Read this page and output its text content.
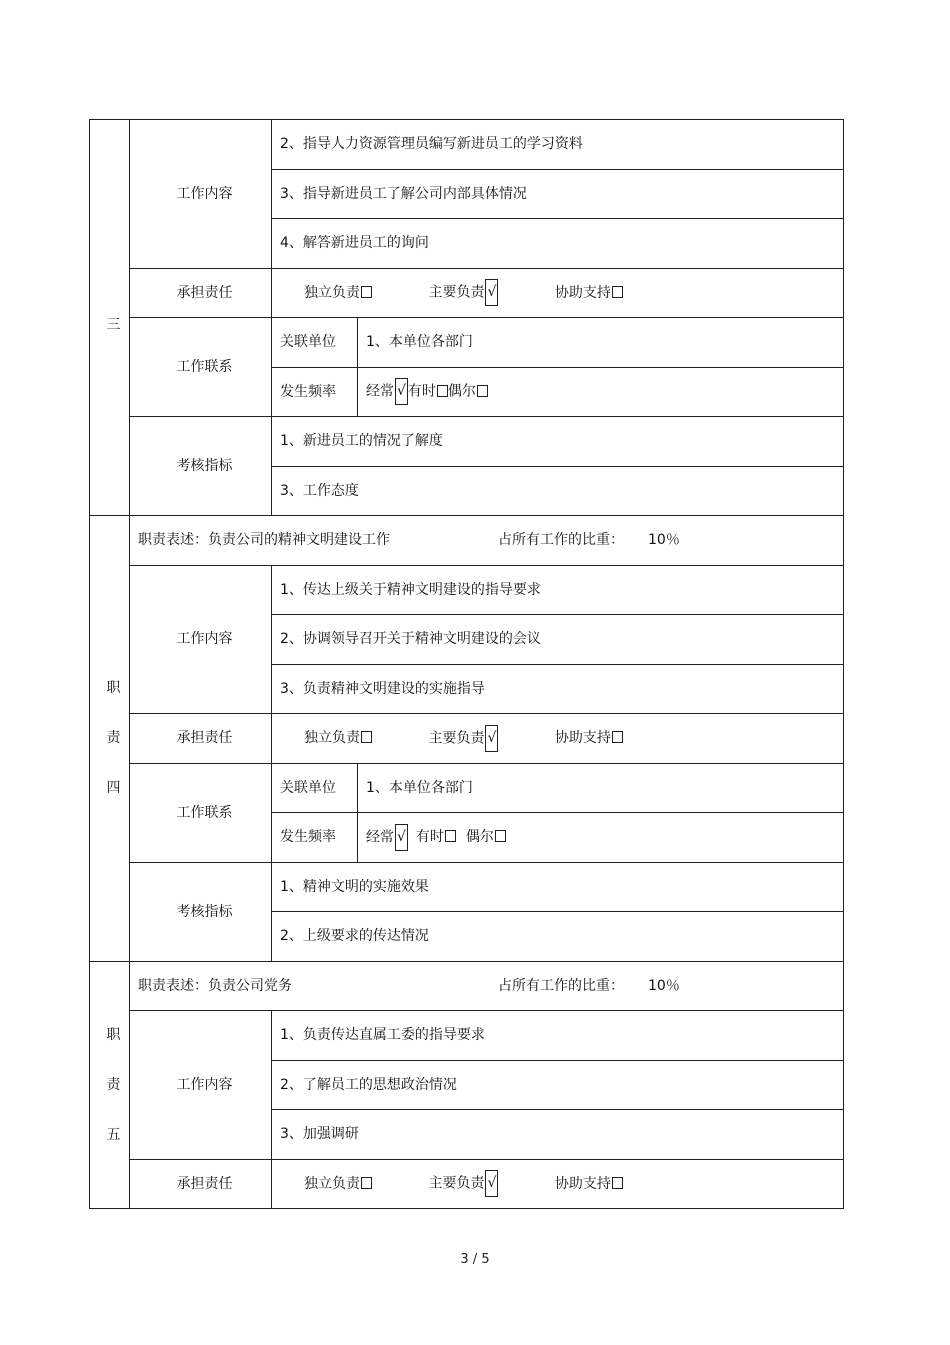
三	工作内容	2、指导人力资源管理员编写新进员工的学习资料	
		3、指导新进员工了解公司内部具体情况	
		4、解答新进员工的询问	
	承担责任	独立负责 主要负责 √ 协助支持	
	工作联系	关联单位	1、本单位各部门
		发生频率	经常 √ 有时 偶尔
	考核指标	1、新进员工的情况了解度	
		3、工作态度	

职
责
四	职责表述：负责公司的精神文明建设工作 占所有工作的比重： 10％		
	工作内容	1、传达上级关于精神文明建设的指导要求	
		2、协调领导召开关于精神文明建设的会议	
		3、负责精神文明建设的实施指导	
	承担责任	独立负责 主要负责 √ 协助支持	
	工作联系	关联单位	1、本单位各部门
		发生频率	经常 √ 有时 偶尔
	考核指标	1、精神文明的实施效果	
		2、上级要求的传达情况	

职
责
五	职责表述：负责公司党务 占所有工作的比重： 10％		
	工作内容	1、负责传达直属工委的指导要求	
		2、了解员工的思想政治情况	
		3、加强调研	
	承担责任	独立负责 主要负责 √ 协助支持	
3 / 5
